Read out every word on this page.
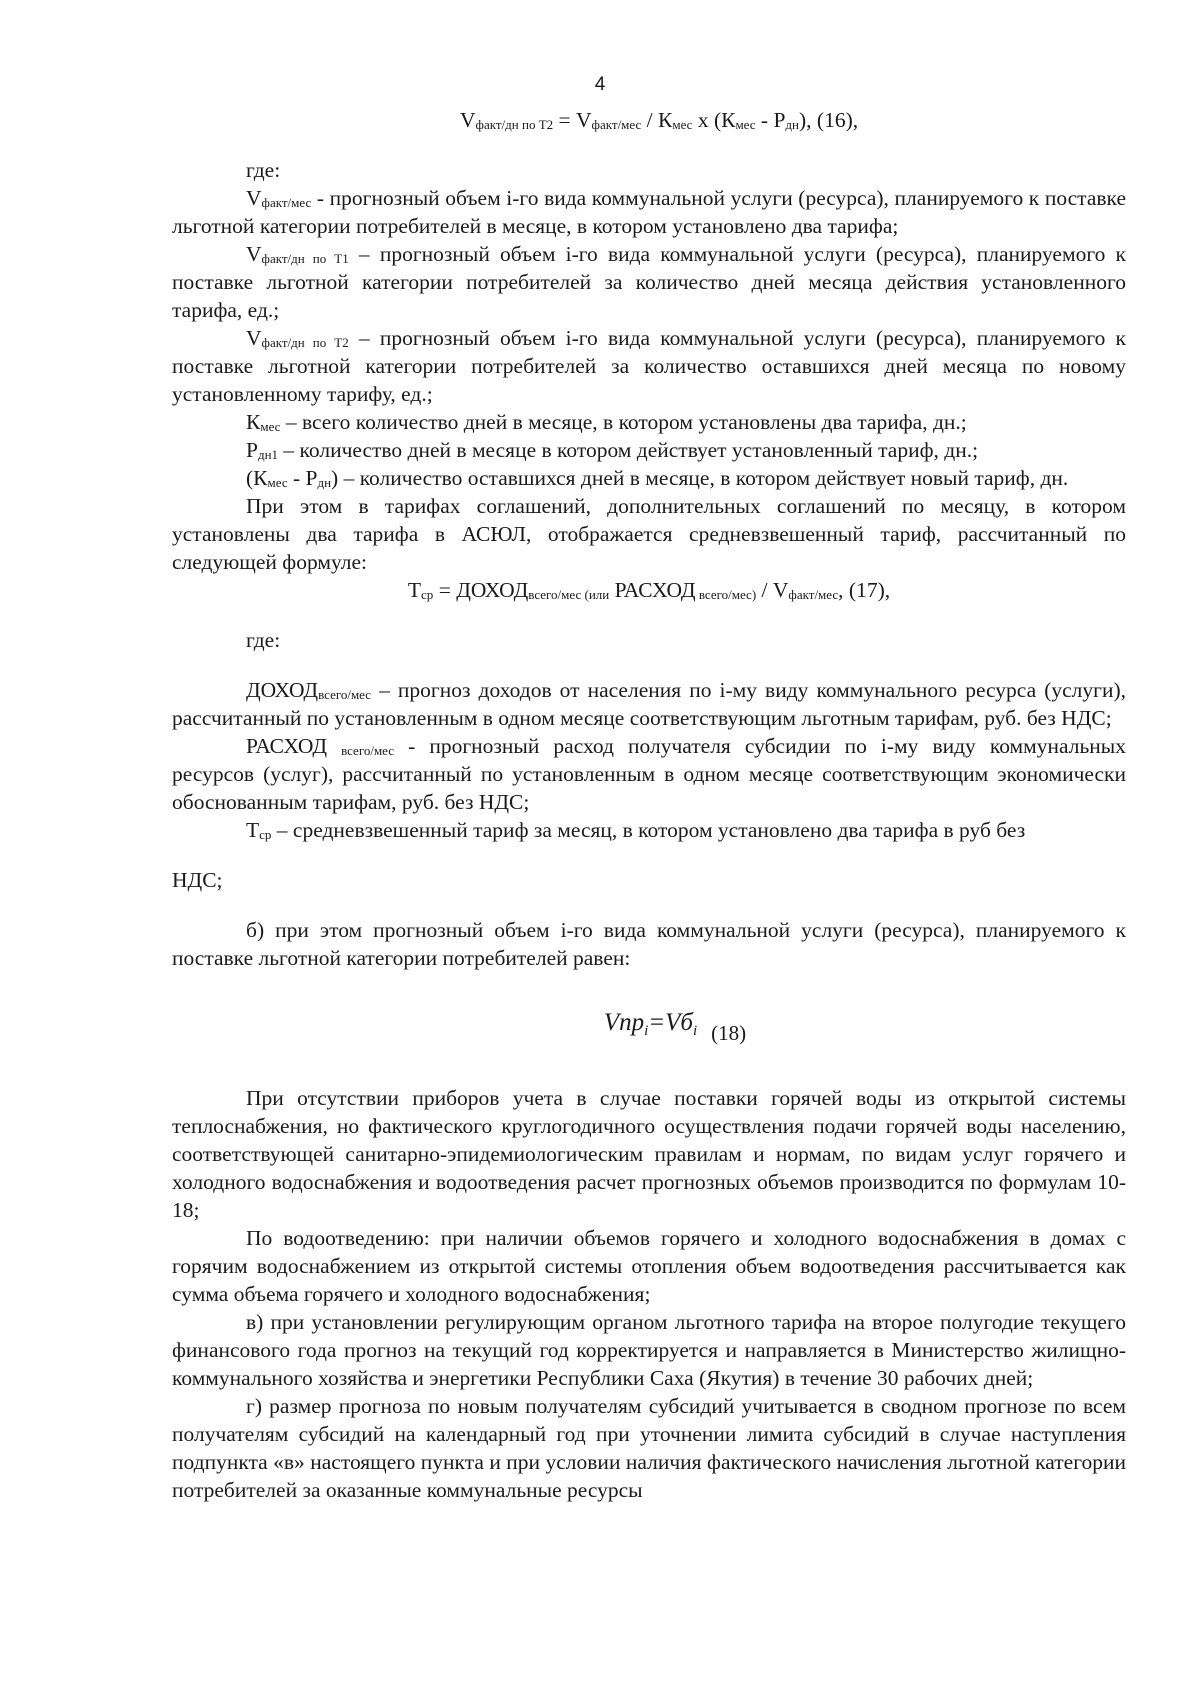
4

$V_{факт/дн по Т2} = V_{факт/мес} / К_{мес}$ x $(К_{мес} - Р_{дн})$, (16),

где:

$V_{факт/мес}$ - прогнозный объем i-го вида коммунальной услуги (ресурса), планируемого к поставке льготной категории потребителей в месяце, в котором установлено два тарифа;

$V_{факт/дн по Т1}$ – прогнозный объем i-го вида коммунальной услуги (ресурса), планируемого к поставке льготной категории потребителей за количество дней месяца действия установленного тарифа, ед.;

$V_{факт/дн по Т2}$ – прогнозный объем i-го вида коммунальной услуги (ресурса), планируемого к поставке льготной категории потребителей за количество оставшихся дней месяца по новому установленному тарифу, ед.;

$К_{мес}$ – всего количество дней в месяце, в котором установлены два тарифа, дн.;

$Р_{дн1}$ – количество дней в месяце в котором действует установленный тариф, дн.;

$(К_{мес} - Р_{дн})$ – количество оставшихся дней в месяце, в котором действует новый тариф, дн.

При этом в тарифах соглашений, дополнительных соглашений по месяцу, в котором установлены два тарифа в АСЮЛ, отображается средневзвешенный тариф, рассчитанный по следующей формуле:

$Т_{ср}$ = $ДОХОД_{всего/мес (или}$ РАСХОД $_{всего/мес)} / V_{факт/мес}$, (17),

где:

$ДОХОД_{всего/мес}$ – прогноз доходов от населения по i-му виду коммунального ресурса (услуги), рассчитанный по установленным в одном месяце соответствующим льготным тарифам, руб. без НДС;

РАСХОД $_{всего/мес}$ - прогнозный расход получателя субсидии по i-му виду коммунальных ресурсов (услуг), рассчитанный по установленным в одном месяце соответствующим экономически обоснованным тарифам, руб. без НДС;

$Т_{ср}$ – средневзвешенный тариф за месяц, в котором установлено два тарифа в руб без

НДС;

б) при этом прогнозный объем i-го вида коммунальной услуги (ресурса), планируемого к поставке льготной категории потребителей равен:

$Vnp_i=Vб_i$ $_{(18)}$

При отсутствии приборов учета в случае поставки горячей воды из открытой системы теплоснабжения, но фактического круглогодичного осуществления подачи горячей воды населению, соответствующей санитарно-эпидемиологическим правилам и нормам, по видам услуг горячего и холодного водоснабжения и водоотведения расчет прогнозных объемов производится по формулам 10-18;

По водоотведению: при наличии объемов горячего и холодного водоснабжения в домах с горячим водоснабжением из открытой системы отопления объем водоотведения рассчитывается как сумма объема горячего и холодного водоснабжения;

в) при установлении регулирующим органом льготного тарифа на второе полугодие текущего финансового года прогноз на текущий год корректируется и направляется в Министерство жилищно-коммунального хозяйства и энергетики Республики Саха (Якутия) в течение 30 рабочих дней;

г) размер прогноза по новым получателям субсидий учитывается в сводном прогнозе по всем получателям субсидий на календарный год при уточнении лимита субсидий в случае наступления подпункта «в» настоящего пункта и при условии наличия фактического начисления льготной категории потребителей за оказанные коммунальные ресурсы
